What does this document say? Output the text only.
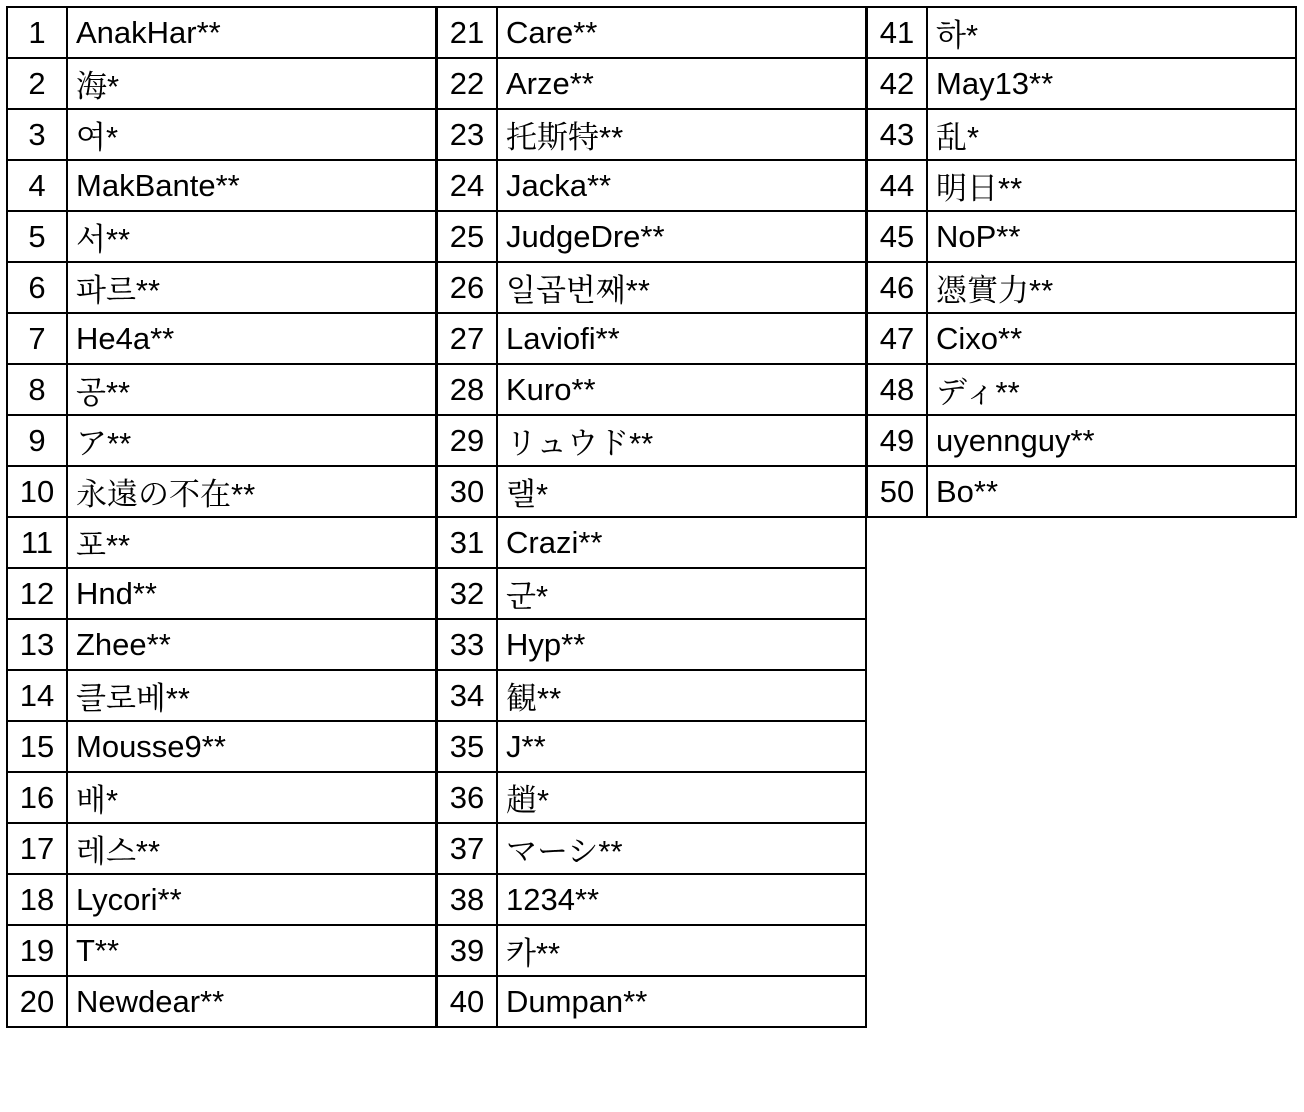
1	AnakHar**
2	海*
3	여*
4	MakBante**
5	서**
6	파르**
7	He4a**
8	공**
9	ア**
10	永遠の不在**
11	포**
12	Hnd**
13	Zhee**
14	클로베**
15	Mousse9**
16	배*
17	레스**
18	Lycori**
19	T**
20	Newdear**
21	Care**
22	Arze**
23	托斯特**
24	Jacka**
25	JudgeDre**
26	일곱번째**
27	Laviofi**
28	Kuro**
29	リュウド**
30	랠*
31	Crazi**
32	군*
33	Hyp**
34	観**
35	J**
36	趙*
37	マーシ**
38	1234**
39	카**
40	Dumpan**
41	하*
42	May13**
43	乱*
44	明日**
45	NoP**
46	憑實力**
47	Cixo**
48	ディ**
49	uyennguy**
50	Bo**
